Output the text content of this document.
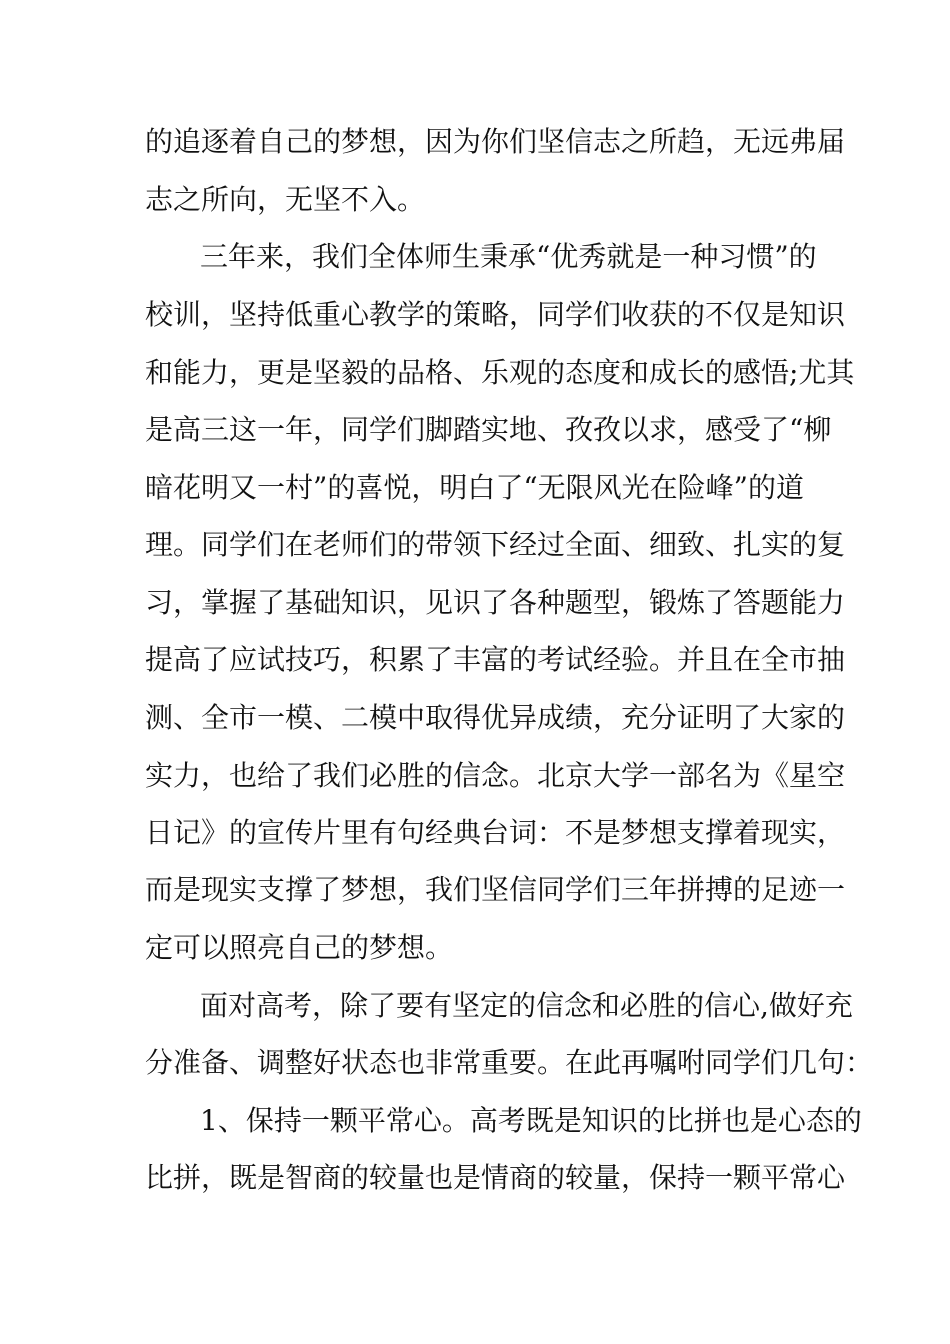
的追逐着自己的梦想，因为你们坚信志之所趋，无远弗届
志之所向，无坚不入。
三年来，我们全体师生秉承“优秀就是一种习惯”的
校训，坚持低重心教学的策略，同学们收获的不仅是知识
和能力，更是坚毅的品格、乐观的态度和成长的感悟;尤其
是高三这一年，同学们脚踏实地、孜孜以求，感受了“柳
暗花明又一村”的喜悦，明白了“无限风光在险峰”的道
理。同学们在老师们的带领下经过全面、细致、扎实的复
习，掌握了基础知识，见识了各种题型，锻炼了答题能力
提高了应试技巧，积累了丰富的考试经验。并且在全市抽
测、全市一模、二模中取得优异成绩，充分证明了大家的
实力，也给了我们必胜的信念。北京大学一部名为《星空
日记》的宣传片里有句经典台词：不是梦想支撑着现实，
而是现实支撑了梦想，我们坚信同学们三年拼搏的足迹一
定可以照亮自己的梦想。
面对高考，除了要有坚定的信念和必胜的信心,做好充
分准备、调整好状态也非常重要。在此再嘱咐同学们几句：
1、保持一颗平常心。高考既是知识的比拼也是心态的
比拼，既是智商的较量也是情商的较量，保持一颗平常心
